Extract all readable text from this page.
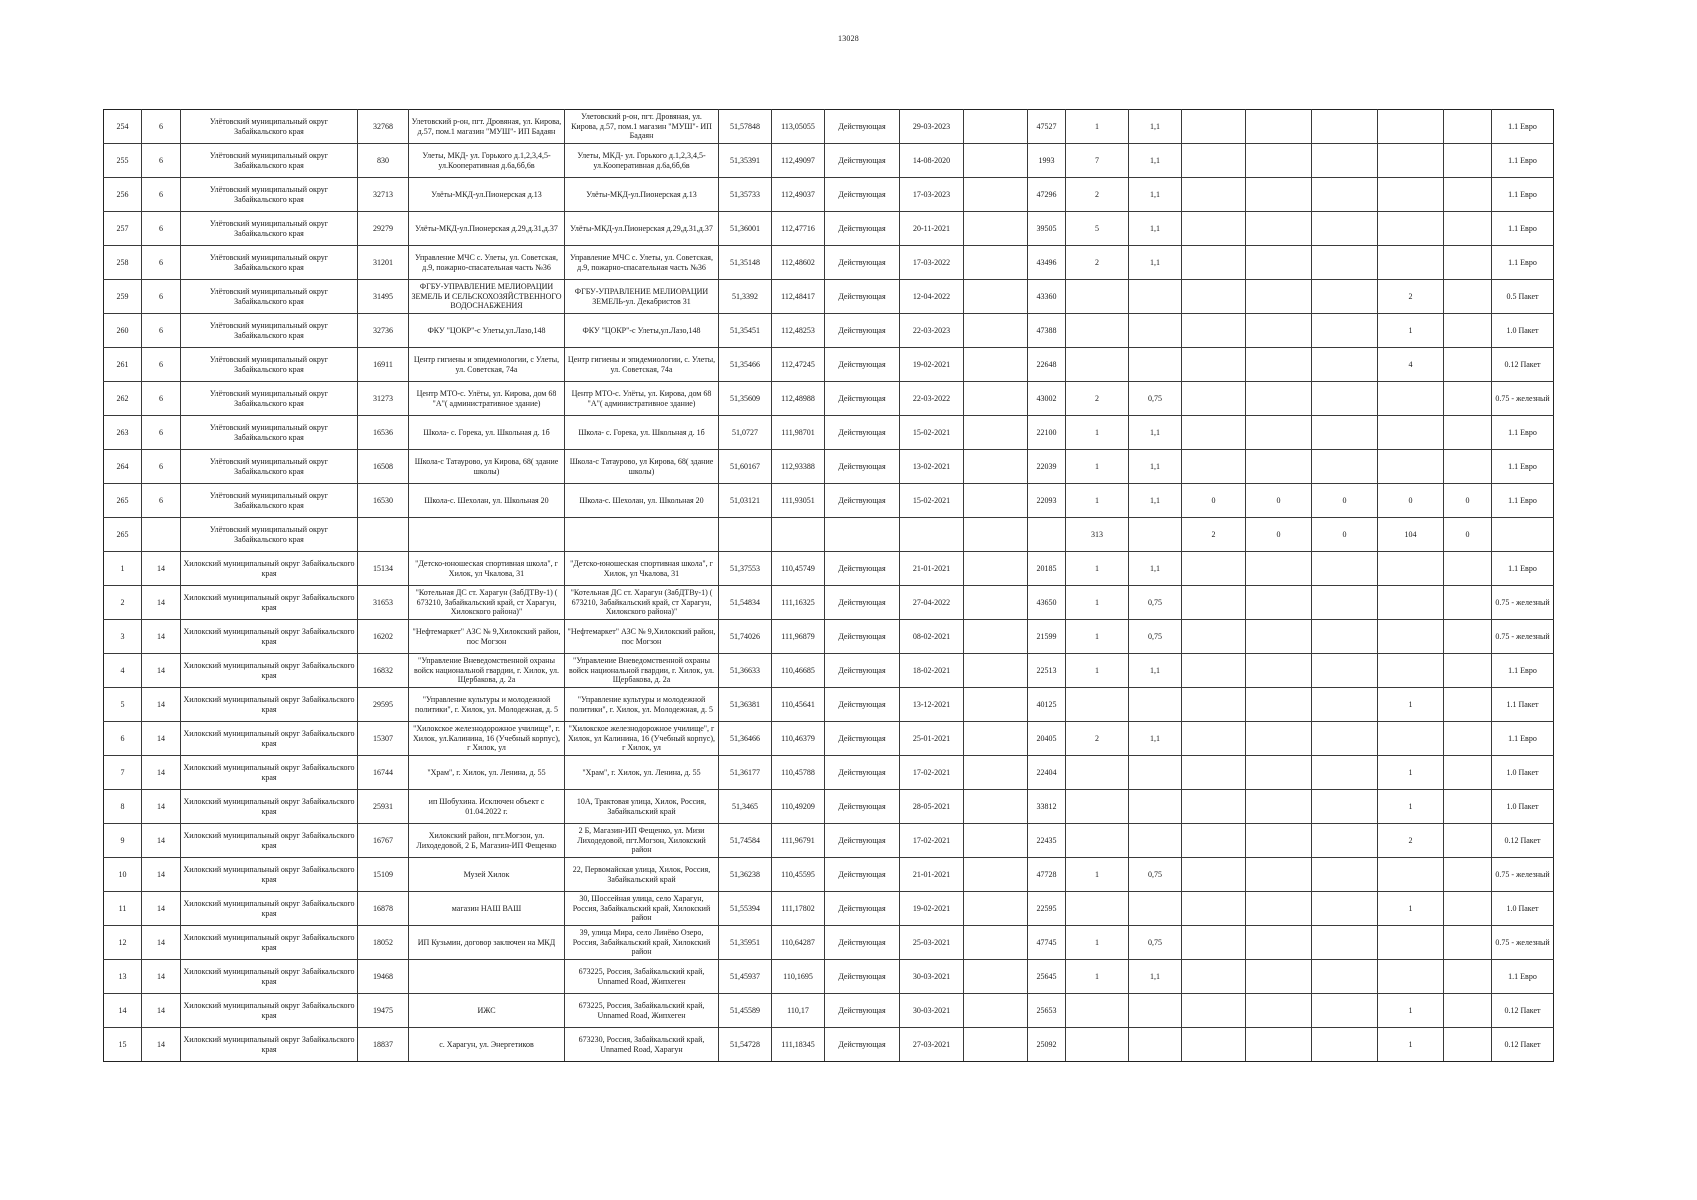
13028
254	6	Улётовский муниципальный округ Забайкальского края	32768	Улетовский р-он, пгт. Дровяная, ул. Кирова, д.57, пом.1 магазин "МУШ"- ИП Бадаян	Улетовский р-он, пгт. Дровяная, ул. Кирова, д.57, пом.1 магазин "МУШ"- ИП Бадаян	51,57848	113,05055	Действующая	29-03-2023		47527	1	1,1						1.1 Евро

255	6	Улётовский муниципальный округ Забайкальского края	830	Улеты, МКД- ул. Горького д.1,2,3,4,5- ул.Кооперативная д.6а,6б,6в	Улеты, МКД- ул. Горького д.1,2,3,4,5- ул.Кооперативная д.6а,6б,6в	51,35391	112,49097	Действующая	14-08-2020		1993	7	1,1						1.1 Евро

256	6	Улётовский муниципальный округ Забайкальского края	32713	Улёты-МКД-ул.Пионерская д.13	Улёты-МКД-ул.Пионерская д.13	51,35733	112,49037	Действующая	17-03-2023		47296	2	1,1						1.1 Евро

257	6	Улётовский муниципальный округ Забайкальского края	29279	Улёты-МКД-ул.Пионерская д.29,д.31,д.37	Улёты-МКД-ул.Пионерская д.29,д.31,д.37	51,36001	112,47716	Действующая	20-11-2021		39505	5	1,1						1.1 Евро

258	6	Улётовский муниципальный округ Забайкальского края	31201	Управление МЧС с. Улеты, ул. Советская, д.9, пожарно-спасательная часть №36	Управление МЧС с. Улеты, ул. Советская, д.9, пожарно-спасательная часть №36	51,35148	112,48602	Действующая	17-03-2022		43496	2	1,1						1.1 Евро

259	6	Улётовский муниципальный округ Забайкальского края	31495	ФГБУ-УПРАВЛЕНИЕ МЕЛИОРАЦИИ ЗЕМЕЛЬ И СЕЛЬСКОХОЗЯЙСТВЕННОГО ВОДОСНАБЖЕНИЯ	ФГБУ-УПРАВЛЕНИЕ МЕЛИОРАЦИИ ЗЕМЕЛЬ-ул. Декабристов 31	51,3392	112,48417	Действующая	12-04-2022		43360						2		0.5 Пакет

260	6	Улётовский муниципальный округ Забайкальского края	32736	ФКУ "ЦОКР"-с Улеты,ул.Лазо,148	ФКУ "ЦОКР"-с Улеты,ул.Лазо,148	51,35451	112,48253	Действующая	22-03-2023		47388						1		1.0 Пакет

261	6	Улётовский муниципальный округ Забайкальского края	16911	Центр гигиены и эпидемиологии, с Улеты, ул. Советская, 74а	Центр гигиены и эпидемиологии, с. Улеты, ул. Советская, 74а	51,35466	112,47245	Действующая	19-02-2021		22648						4		0.12 Пакет

262	6	Улётовский муниципальный округ Забайкальского края	31273	Центр МТО-с. Улёты, ул. Кирова, дом 68 "А"( административное здание)	Центр МТО-с. Улёты, ул. Кирова, дом 68 "А"( административное здание)	51,35609	112,48988	Действующая	22-03-2022		43002	2	0,75						0.75 - железный

263	6	Улётовский муниципальный округ Забайкальского края	16536	Школа- с. Горека, ул. Школьная д. 1б	Школа- с. Горека, ул. Школьная д. 1б	51,0727	111,98701	Действующая	15-02-2021		22100	1	1,1						1.1 Евро

264	6	Улётовский муниципальный округ Забайкальского края	16508	Школа-с Татаурово, ул Кирова, 68( здание школы)	Школа-с Татаурово, ул Кирова, 68( здание школы)	51,60167	112,93388	Действующая	13-02-2021		22039	1	1,1						1.1 Евро

265	6	Улётовский муниципальный округ Забайкальского края	16530	Школа-с. Шехолан, ул. Школьная 20	Школа-с. Шехолан, ул. Школьная 20	51,03121	111,93051	Действующая	15-02-2021		22093	1	1,1	0	0	0	0	0	1.1 Евро

265		Улётовский муниципальный округ Забайкальского края										313		2	0	0	104	0	

1	14	Хилокский муниципальный округ Забайкальского края	15134	"Детско-юношеская спортивная школа", г Хилок, ул Чкалова, 31	"Детско-юношеская спортивная школа", г Хилок, ул Чкалова, 31	51,37553	110,45749	Действующая	21-01-2021		20185	1	1,1						1.1 Евро

2	14	Хилокский муниципальный округ Забайкальского края	31653	"Котельная ДС ст. Харагун (ЗабДТВу-1) ( 673210, Забайкальский край, ст Харагун, Хилокского района)"	"Котельная ДС ст. Харагун (ЗабДТВу-1) ( 673210, Забайкальский край, ст Харагун, Хилокского района)"	51,54834	111,16325	Действующая	27-04-2022		43650	1	0,75						0.75 - железный

3	14	Хилокский муниципальный округ Забайкальского края	16202	"Нефтемаркет" АЗС № 9,Хилокский район, пос Могзон	"Нефтемаркет" АЗС № 9,Хилокский район, пос Могзон	51,74026	111,96879	Действующая	08-02-2021		21599	1	0,75						0.75 - железный

4	14	Хилокский муниципальный округ Забайкальского края	16832	"Управление Вневедомственной охраны войск национальной гвардии, г. Хилок, ул. Щербакова, д. 2а	"Управление Вневедомственной охраны войск национальной гвардии, г. Хилок, ул. Щербакова, д. 2а	51,36633	110,46685	Действующая	18-02-2021		22513	1	1,1						1.1 Евро

5	14	Хилокский муниципальный округ Забайкальского края	29595	"Управление культуры и молодежной политики", г. Хилок, ул. Молодежная, д. 5	"Управление культуры и молодежной политики", г. Хилок, ул. Молодежная, д. 5	51,36381	110,45641	Действующая	13-12-2021		40125						1		1.1 Пакет

6	14	Хилокский муниципальный округ Забайкальского края	15307	"Хилокское железнодорожное училище", г. Хилок, ул.Калинина, 16 (Учебный корпус), г Хилок, ул	"Хилокское железнодорожное училище", г Хилок, ул Калинина, 16 (Учебный корпус), г Хилок, ул	51,36466	110,46379	Действующая	25-01-2021		20405	2	1,1						1.1 Евро

7	14	Хилокский муниципальный округ Забайкальского края	16744	"Храм", г. Хилок, ул. Ленина, д. 55	"Храм", г. Хилок, ул. Ленина, д. 55	51,36177	110,45788	Действующая	17-02-2021		22404						1		1.0 Пакет

8	14	Хилокский муниципальный округ Забайкальского края	25931	ип Шобухина. Исключен объект с 01.04.2022 г.	10А, Трактовая улица, Хилок, Россия, Забайкальский край	51,3465	110,49209	Действующая	28-05-2021		33812						1		1.0 Пакет

9	14	Хилокский муниципальный округ Забайкальского края	16767	Хилокский район, пгт.Могзон, ул. Лиходедовой, 2 Б, Магазин-ИП Фещенко	2 Б, Магазин-ИП Фещенко, ул. Мизи Лиходедовой, пгт.Могзон, Хилокский район	51,74584	111,96791	Действующая	17-02-2021		22435						2		0.12 Пакет

10	14	Хилокский муниципальный округ Забайкальского края	15109	Музей Хилок	22, Первомайская улица, Хилок, Россия, Забайкальский край	51,36238	110,45595	Действующая	21-01-2021		47728	1	0,75						0.75 - железный

11	14	Хилокский муниципальный округ Забайкальского края	16878	магазин НАШ ВАШ	30, Шоссейная улица, село Харагун, Россия, Забайкальский край, Хилокский район	51,55394	111,17802	Действующая	19-02-2021		22595						1		1.0 Пакет

12	14	Хилокский муниципальный округ Забайкальского края	18052	ИП Кузьмин, договор заключен на МКД	39, улица Мира, село Линёво Озеро, Россия, Забайкальский край, Хилокский район	51,35951	110,64287	Действующая	25-03-2021		47745	1	0,75						0.75 - железный

13	14	Хилокский муниципальный округ Забайкальского края	19468		673225, Россия, Забайкальский край, Unnamed Road, Жипхеген	51,45937	110,1695	Действующая	30-03-2021		25645	1	1,1						1.1 Евро

14	14	Хилокский муниципальный округ Забайкальского края	19475	ИЖС	673225, Россия, Забайкальский край, Unnamed Road, Жипхеген	51,45589	110,17	Действующая	30-03-2021		25653						1		0.12 Пакет

15	14	Хилокский муниципальный округ Забайкальского края	18837	с. Харагун, ул. Энергетиков	673230, Россия, Забайкальский край, Unnamed Road, Харагун	51,54728	111,18345	Действующая	27-03-2021		25092						1		0.12 Пакет
